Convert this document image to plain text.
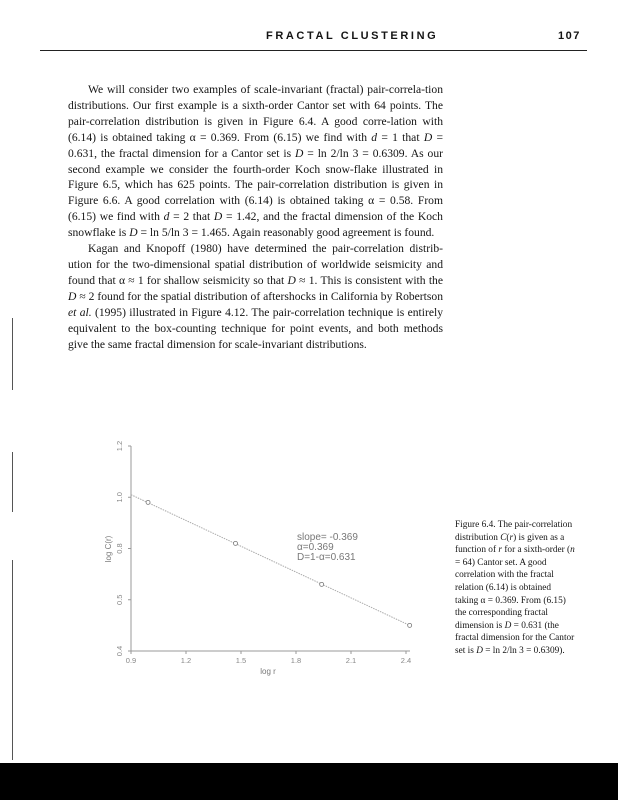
FRACTAL CLUSTERING	107

We will consider two examples of scale-invariant (fractal) pair-correla-tion distributions. Our first example is a sixth-order Cantor set with 64 points. The pair-correlation distribution is given in Figure 6.4. A good corre-lation with (6.14) is obtained taking α = 0.369. From (6.15) we find with d = 1 that D = 0.631, the fractal dimension for a Cantor set is D = ln 2/ln 3 = 0.6309. As our second example we consider the fourth-order Koch snow-flake illustrated in Figure 6.5, which has 625 points. The pair-correlation distribution is given in Figure 6.6. A good correlation with (6.14) is obtained taking α = 0.58. From (6.15) we find with d = 2 that D = 1.42, and the fractal dimension of the Koch snowflake is D = ln 5/ln 3 = 1.465. Again reasonably good agreement is found.

Kagan and Knopoff (1980) have determined the pair-correlation distrib-ution for the two-dimensional spatial distribution of worldwide seismicity and found that α ≈ 1 for shallow seismicity so that D ≈ 1. This is consistent with the D ≈ 2 found for the spatial distribution of aftershocks in California by Robertson et al. (1995) illustrated in Figure 4.12. The pair-correlation technique is entirely equivalent to the box-counting technique for point events, and both methods give the same fractal dimension for scale-invariant distributions.

0.9	1.2	1.5	1.8	2.1	2.4
0.4
0.5
0.8
1.0
1.2
log r
log C(r)	slope= -0.369
α=0.369
D=1-α=0.631
Figure 6.4. The pair-correlation distribution C(r) is given as a function of r for a sixth-order (n = 64) Cantor set. A good correlation with the fractal relation (6.14) is obtained taking α = 0.369. From (6.15) the corresponding fractal dimension is D = 0.631 (the fractal dimension for the Cantor set is D = ln 2/ln 3 = 0.6309).
